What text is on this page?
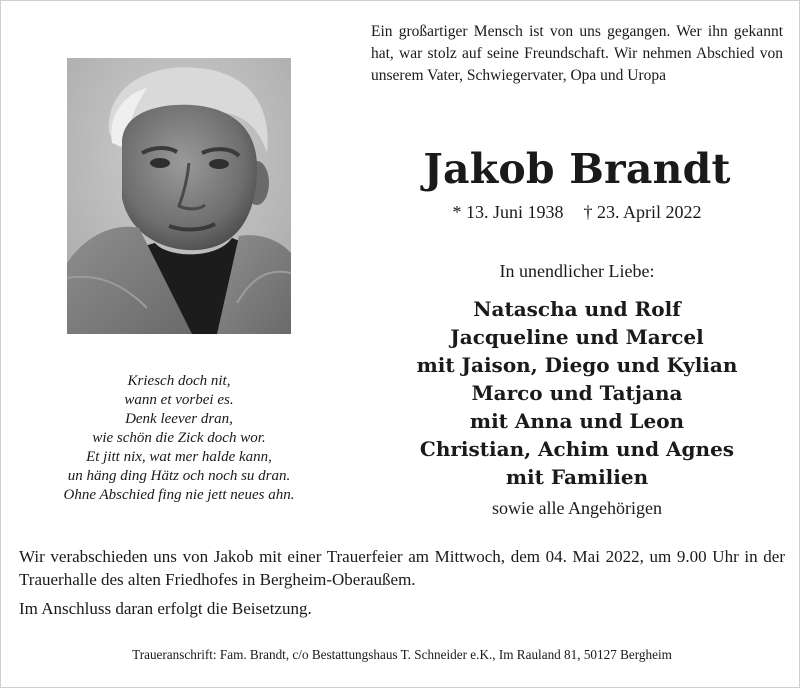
Ein großartiger Mensch ist von uns gegangen. Wer ihn gekannt hat, war stolz auf seine Freundschaft. Wir nehmen Abschied von unserem Vater, Schwiegervater, Opa und Uropa
Jakob Brandt
* 13. Juni 1938 † 23. April 2022
In unendlicher Liebe:
Natascha und Rolf
Jacqueline und Marcel
mit Jaison, Diego und Kylian
Marco und Tatjana
mit Anna und Leon
Christian, Achim und Agnes
mit Familien
sowie alle Angehörigen
Kriesch doch nit,
wann et vorbei es.
Denk leever dran,
wie schön die Zick doch wor.
Et jitt nix, wat mer halde kann,
un häng ding Hätz och noch su dran.
Ohne Abschied fing nie jett neues ahn.
Wir verabschieden uns von Jakob mit einer Trauerfeier am Mittwoch, dem 04. Mai 2022, um 9.00 Uhr in der Trauerhalle des alten Friedhofes in Bergheim-Oberaußem.
Im Anschluss daran erfolgt die Beisetzung.
Traueranschrift: Fam. Brandt, c/o Bestattungshaus T. Schneider e.K., Im Rauland 81, 50127 Bergheim
